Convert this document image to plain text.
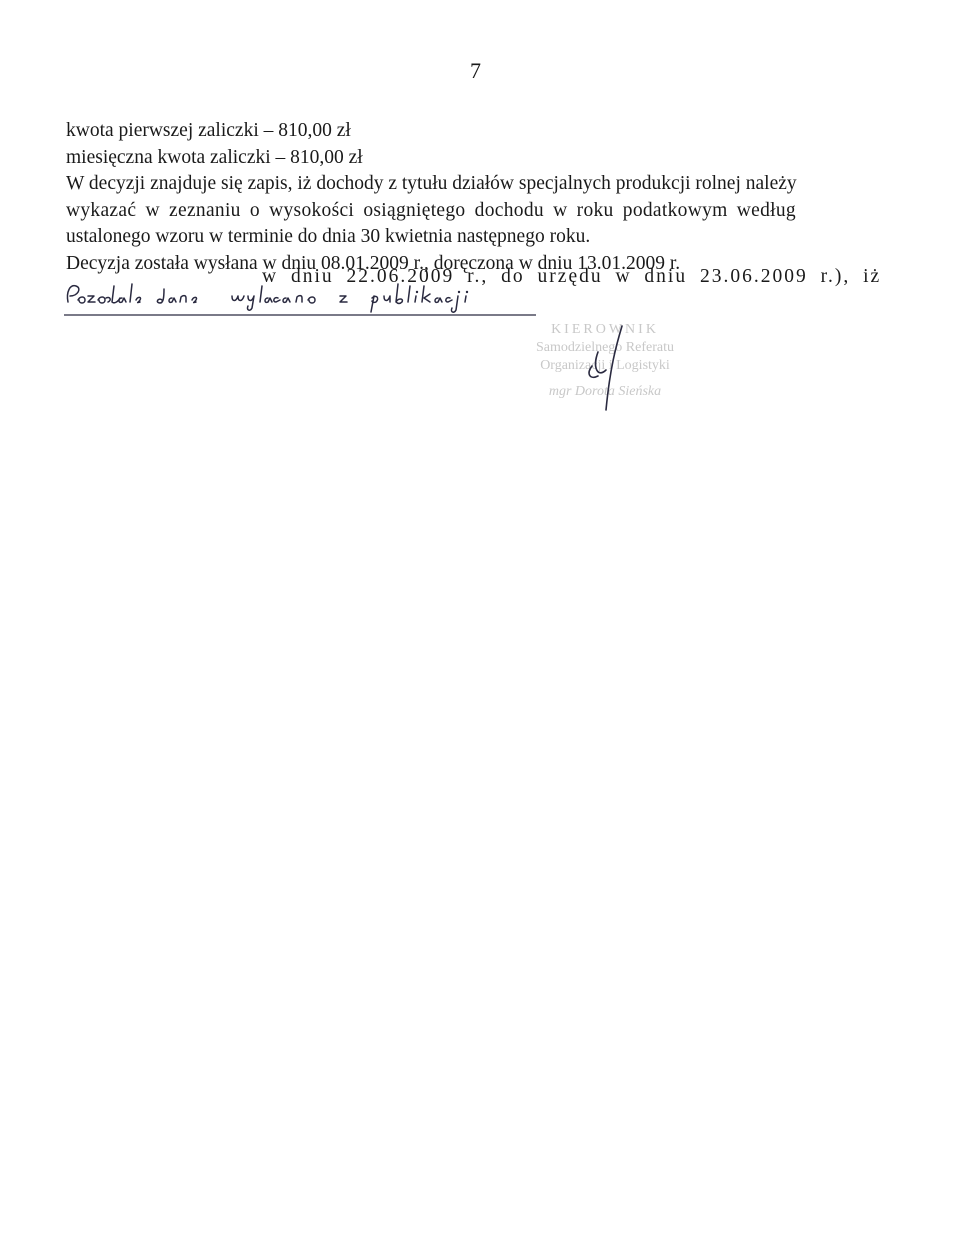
7
kwota pierwszej zaliczki – 810,00 zł
miesięczna kwota zaliczki – 810,00 zł
W decyzji znajduje się zapis, iż dochody z tytułu działów specjalnych produkcji rolnej należy
wykazać w zeznaniu o wysokości osiągniętego dochodu w roku podatkowym według
ustalonego wzoru w terminie do dnia 30 kwietnia następnego roku.
Decyzja została wysłana w dniu 08.01.2009 r., doręczona w dniu 13.01.2009 r.
w dniu 22.06.2009 r., do urzędu w dniu 23.06.2009 r.), iż
KIEROWNIK
Samodzielnego Referatu
Organizacji i Logistyki
mgr Dorota Sieńska
